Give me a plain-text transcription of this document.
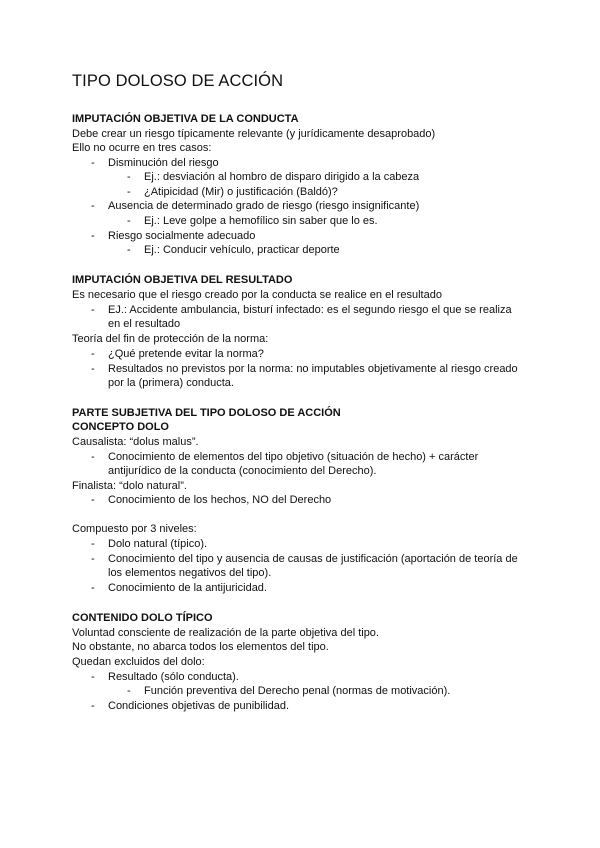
TIPO DOLOSO DE ACCIÓN
IMPUTACIÓN OBJETIVA DE LA CONDUCTA
Debe crear un riesgo típicamente relevante (y jurídicamente desaprobado)
Ello no ocurre en tres casos:
- Disminución del riesgo
- Ej.: desviación al hombro de disparo dirigido a la cabeza
- ¿Atipicidad (Mir) o justificación (Baldó)?
- Ausencia de determinado grado de riesgo (riesgo insignificante)
- Ej.: Leve golpe a hemofílico sin saber que lo es.
- Riesgo socialmente adecuado
- Ej.: Conducir vehículo, practicar deporte
IMPUTACIÓN OBJETIVA DEL RESULTADO
Es necesario que el riesgo creado por la conducta se realice en el resultado
- EJ.: Accidente ambulancia, bisturí infectado: es el segundo riesgo el que se realiza
en el resultado
Teoría del fin de protección de la norma:
- ¿Qué pretende evitar la norma?
- Resultados no previstos por la norma: no imputables objetivamente al riesgo creado
por la (primera) conducta.
PARTE SUBJETIVA DEL TIPO DOLOSO DE ACCIÓN
CONCEPTO DOLO
Causalista: “dolus malus”.
- Conocimiento de elementos del tipo objetivo (situación de hecho) + carácter
antijurídico de la conducta (conocimiento del Derecho).
Finalista: “dolo natural”.
- Conocimiento de los hechos, NO del Derecho
Compuesto por 3 niveles:
- Dolo natural (típico).
- Conocimiento del tipo y ausencia de causas de justificación (aportación de teoría de
los elementos negativos del tipo).
- Conocimiento de la antijuricidad.
CONTENIDO DOLO TÍPICO
Voluntad consciente de realización de la parte objetiva del tipo.
No obstante, no abarca todos los elementos del tipo.
Quedan excluidos del dolo:
- Resultado (sólo conducta).
- Función preventiva del Derecho penal (normas de motivación).
- Condiciones objetivas de punibilidad.
